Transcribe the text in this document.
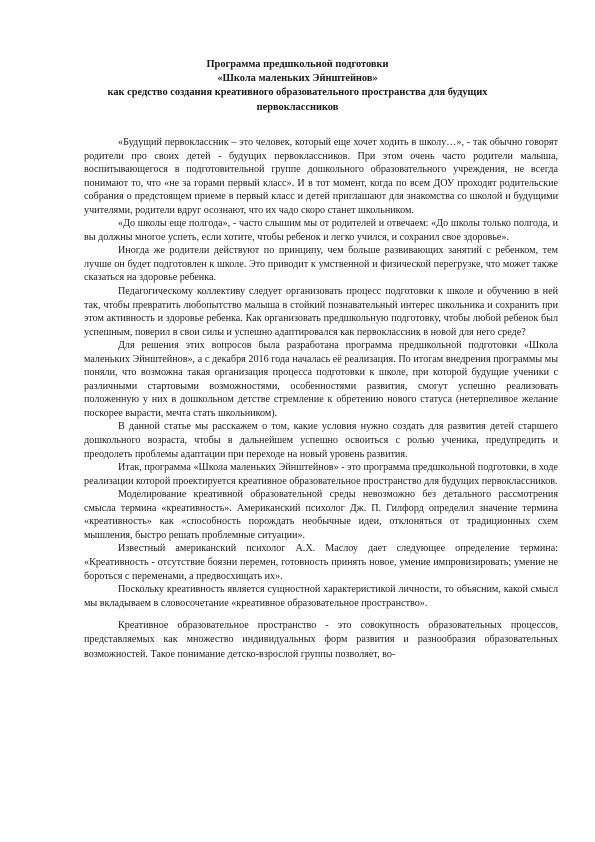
Программа предшкольной подготовки
«Школа маленьких Эйнштейнов»
как средство создания креативного образовательного пространства для будущих
первоклассников

«Будущий первоклассник – это человек, который еще хочет ходить в школу…», - так обычно говорят родители про своих детей - будущих первоклассников. При этом очень часто родители малыша, воспитывающегося в подготовительной группе дошкольного образовательного учреждения, не всегда понимают то, что «не за горами первый класс». И в тот момент, когда по всем ДОУ проходят родительские собрания о предстоящем приеме в первый класс и детей приглашают для знакомства со школой и будущими учителями, родители вдруг осознают, что их чадо скоро станет школьником.

«До школы еще полгода», - часто слышим мы от родителей и отвечаем: «До школы только полгода, и вы должны многое успеть, если хотите, чтобы ребенок и легко учился, и сохранил свое здоровье».

Иногда же родители действуют по принципу, чем больше развивающих занятий с ребенком, тем лучше он будет подготовлен к школе. Это приводит к умственной и физической перегрузке, что может также сказаться на здоровье ребенка.

Педагогическому коллективу следует организовать процесс подготовки к школе и обучению в ней так, чтобы превратить любопытство малыша в стойкий познавательный интерес школьника и сохранить при этом активность и здоровье ребенка. Как организовать предшкольную подготовку, чтобы любой ребенок был успешным, поверил в свои силы и успешно адаптировался как первоклассник в новой для него среде?

Для решения этих вопросов была разработана программа предшкольной подготовки «Школа маленьких Эйнштейнов», а с декабря 2016 года началась её реализация. По итогам внедрения программы мы поняли, что возможна такая организация процесса подготовки к школе, при которой будущие ученики с различными стартовыми возможностями, особенностями развития, смогут успешно реализовать положенную у них в дошкольном детстве стремление к обретению нового статуса (нетерпеливое желание поскорее вырасти, мечта стать школьником).

В данной статье мы расскажем о том, какие условия нужно создать для развития детей старшего дошкольного возраста, чтобы в дальнейшем успешно освоиться с ролью ученика, предупредить и преодолеть проблемы адаптации при переходе на новый уровень развития.

Итак, программа «Школа маленьких Эйнштейнов» - это программа предшкольной подготовки, в ходе реализации которой проектируется креативное образовательное пространство для будущих первоклассников.

Моделирование креативной образовательной среды невозможно без детального рассмотрения смысла термина «креативность». Американский психолог Дж. П. Гилфорд определил значение термина «креативность» как «способность порождать необычные идеи, отклоняться от традиционных схем мышления, быстро решать проблемные ситуации».

Известный американский психолог А.Х. Маслоу дает следующее определение термина: «Креативность - отсутствие боязни перемен, готовность принять новое, умение импровизировать; умение не бороться с переменами, а предвосхищать их».

Поскольку креативность является сущностной характеристикой личности, то объясним, какой смысл мы вкладываем в словосочетание «креативное образовательное пространство».

Креативное образовательное пространство - это совокупность образовательных процессов, представляемых как множество индивидуальных форм развития и разнообразия образовательных возможностей. Такое понимание детско-взрослой группы позволяет, во-
